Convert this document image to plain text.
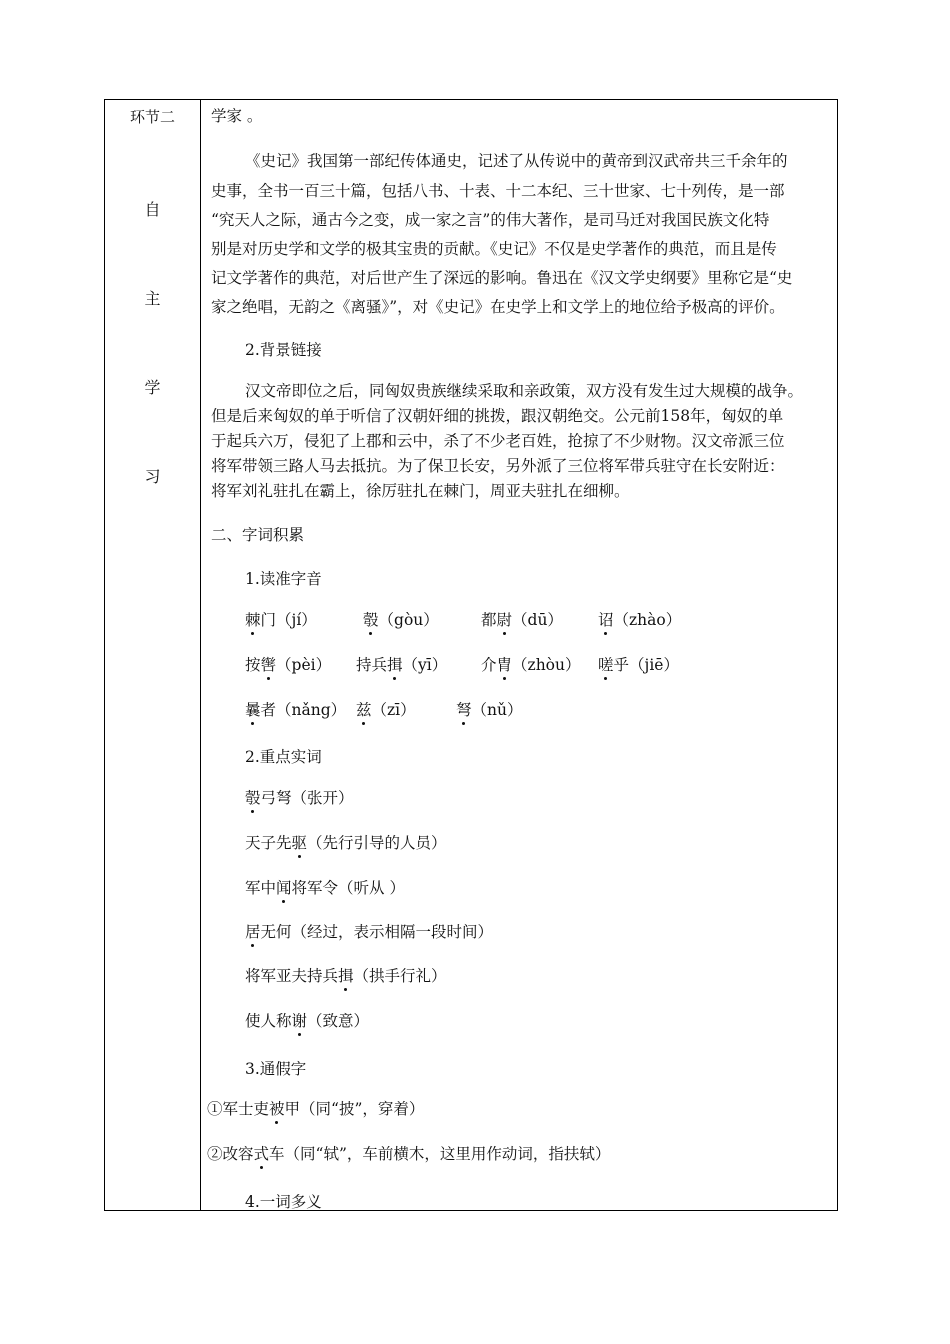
环节二
自
主
学
习
学家 。
《史记》我国第一部纪传体通史，记述了从传说中的黄帝到汉武帝共三千余年的
史事，全书一百三十篇，包括八书、十表、十二本纪、三十世家、七十列传，是一部
“究天人之际，通古今之变，成一家之言”的伟大著作，是司马迁对我国民族文化特
别是对历史学和文学的极其宝贵的贡献。《史记》不仅是史学著作的典范，而且是传
记文学著作的典范，对后世产生了深远的影响。鲁迅在《汉文学史纲要》里称它是“史
家之绝唱，无韵之《离骚》”，对《史记》在史学上和文学上的地位给予极高的评价。
2.背景链接
汉文帝即位之后，同匈奴贵族继续采取和亲政策，双方没有发生过大规模的战争。
但是后来匈奴的单于听信了汉朝奸细的挑拨，跟汉朝绝交。公元前158年，匈奴的单
于起兵六万，侵犯了上郡和云中，杀了不少老百姓，抢掠了不少财物。汉文帝派三位
将军带领三路人马去抵抗。为了保卫长安，另外派了三位将军带兵驻守在长安附近：
将军刘礼驻扎在霸上，徐厉驻扎在棘门，周亚夫驻扎在细柳。
二、字词积累
1.读准字音
棘门（jí）	彀（gòu）	都尉（dū） 诏（zhào）
按辔（pèi） 持兵揖（yī） 介胄（zhòu） 嗟乎（jiē）
曩者（nǎng） 兹（zī）	弩（nǔ）
2.重点实词
彀弓弩（张开）
天子先驱（先行引导的人员）
军中闻将军令（听从 ）
居无何（经过，表示相隔一段时间）
将军亚夫持兵揖（拱手行礼）
使人称谢（致意）
3.通假字
①军士吏被甲（同“披”，穿着）
②改容式车（同“轼”，车前横木，这里用作动词，指扶轼）
4.一词多义
